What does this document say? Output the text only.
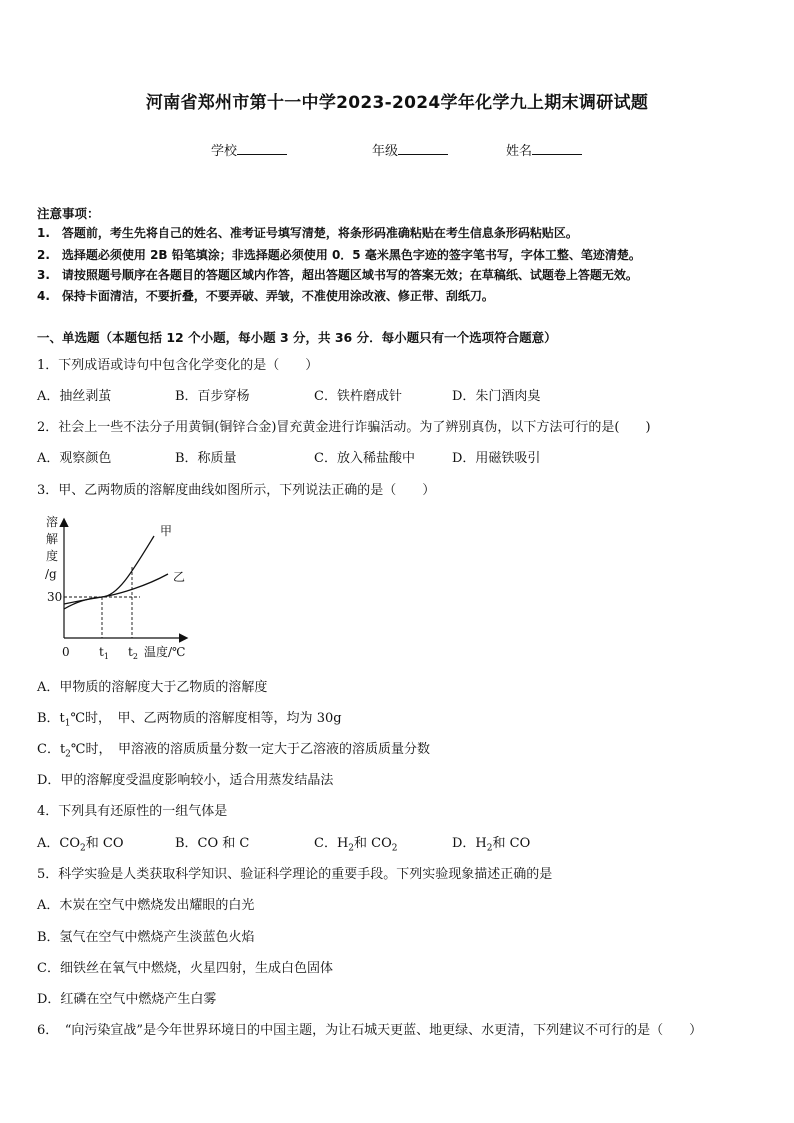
河南省郑州市第十一中学2023-2024学年化学九上期末调研试题
学校	年级	姓名
注意事项：
1.　答题前，考生先将自己的姓名、准考证号填写清楚，将条形码准确粘贴在考生信息条形码粘贴区。
2.　选择题必须使用 2B 铅笔填涂；非选择题必须使用 0．5 毫米黑色字迹的签字笔书写，字体工整、笔迹清楚。
3.　请按照题号顺序在各题目的答题区域内作答，超出答题区域书写的答案无效；在草稿纸、试题卷上答题无效。
4.　保持卡面清洁，不要折叠，不要弄破、弄皱，不准使用涂改液、修正带、刮纸刀。
一、单选题（本题包括 12 个小题，每小题 3 分，共 36 分．每小题只有一个选项符合题意）
1．下列成语或诗句中包含化学变化的是（　　）
A．抽丝剥茧	B．百步穿杨	C．铁杵磨成针	D．朱门酒肉臭
2．社会上一些不法分子用黄铜(铜锌合金)冒充黄金进行诈骗活动。为了辨别真伪，以下方法可行的是(　　)
A．观察颜色	B．称质量	C．放入稀盐酸中	D．用磁铁吸引
3．甲、乙两物质的溶解度曲线如图所示，下列说法正确的是（　　）
溶
解
度
/g
30
甲
乙
0 $t_1$ $t_2$ 温度/℃
A．甲物质的溶解度大于乙物质的溶解度
B．$t_1℃$时，　甲、乙两物质的溶解度相等，均为 30g
C．$t_2℃$时，　甲溶液的溶质质量分数一定大于乙溶液的溶质质量分数
D．甲的溶解度受温度影响较小，适合用蒸发结晶法
4．下列具有还原性的一组气体是
A．$CO_2$和 CO	B．CO 和 C	C．$H_2$和 $CO_2$	D．$H_2$和 CO
5．科学实验是人类获取科学知识、验证科学理论的重要手段。下列实验现象描述正确的是
A．木炭在空气中燃烧发出耀眼的白光
B．氢气在空气中燃烧产生淡蓝色火焰
C．细铁丝在氧气中燃烧，火星四射，生成白色固体
D．红磷在空气中燃烧产生白雾
6．　“向污染宣战”是今年世界环境日的中国主题，为让石城天更蓝、地更绿、水更清，下列建议不可行的是（　　）
